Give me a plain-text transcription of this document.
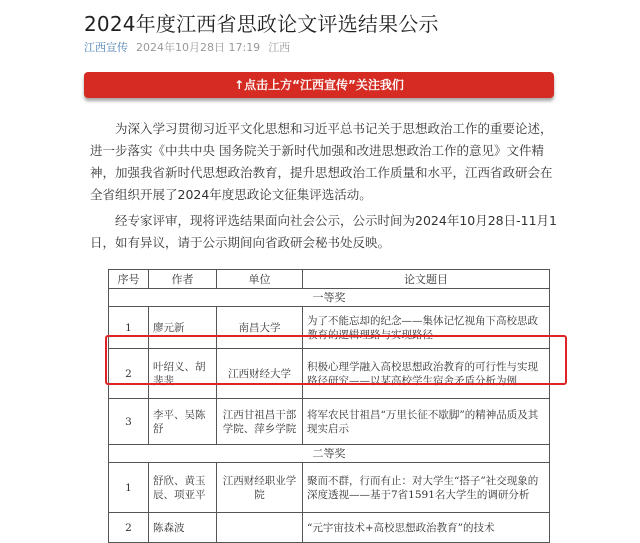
2024年度江西省思政论文评选结果公示
江西宣传 2024年10月28日 17:19 江西
↑点击上方“江西宣传”关注我们

为深入学习贯彻习近平文化思想和习近平总书记关于思想政治工作的重要论述，进一步落实《中共中央 国务院关于新时代加强和改进思想政治工作的意见》文件精神，加强我省新时代思想政治教育，提升思想政治工作质量和水平，江西省政研会在全省组织开展了2024年度思政论文征集评选活动。

经专家评审，现将评选结果面向社会公示，公示时间为2024年10月28日-11月1日，如有异议，请于公示期间向省政研会秘书处反映。

序号	作者	单位	论文题目
一等奖			
1	廖元新	南昌大学	为了不能忘却的纪念——集体记忆视角下高校思政教育的逻辑理路与实现路径
2	叶绍义、胡斐斐	江西财经大学	积极心理学融入高校思想政治教育的可行性与实现路径研究——以某高校学生宿舍矛盾分析为例
3	李平、吴陈舒	江西甘祖昌干部学院、萍乡学院	将军农民甘祖昌“万里长征不歇脚”的精神品质及其现实启示
二等奖			
1	舒欣、黄玉辰、项亚平	江西财经职业学院	聚而不群，行而有止：对大学生“搭子”社交现象的深度透视——基于7省1591名大学生的调研分析
2	陈森波		“元宇宙技术+高校思想政治教育”的技术
